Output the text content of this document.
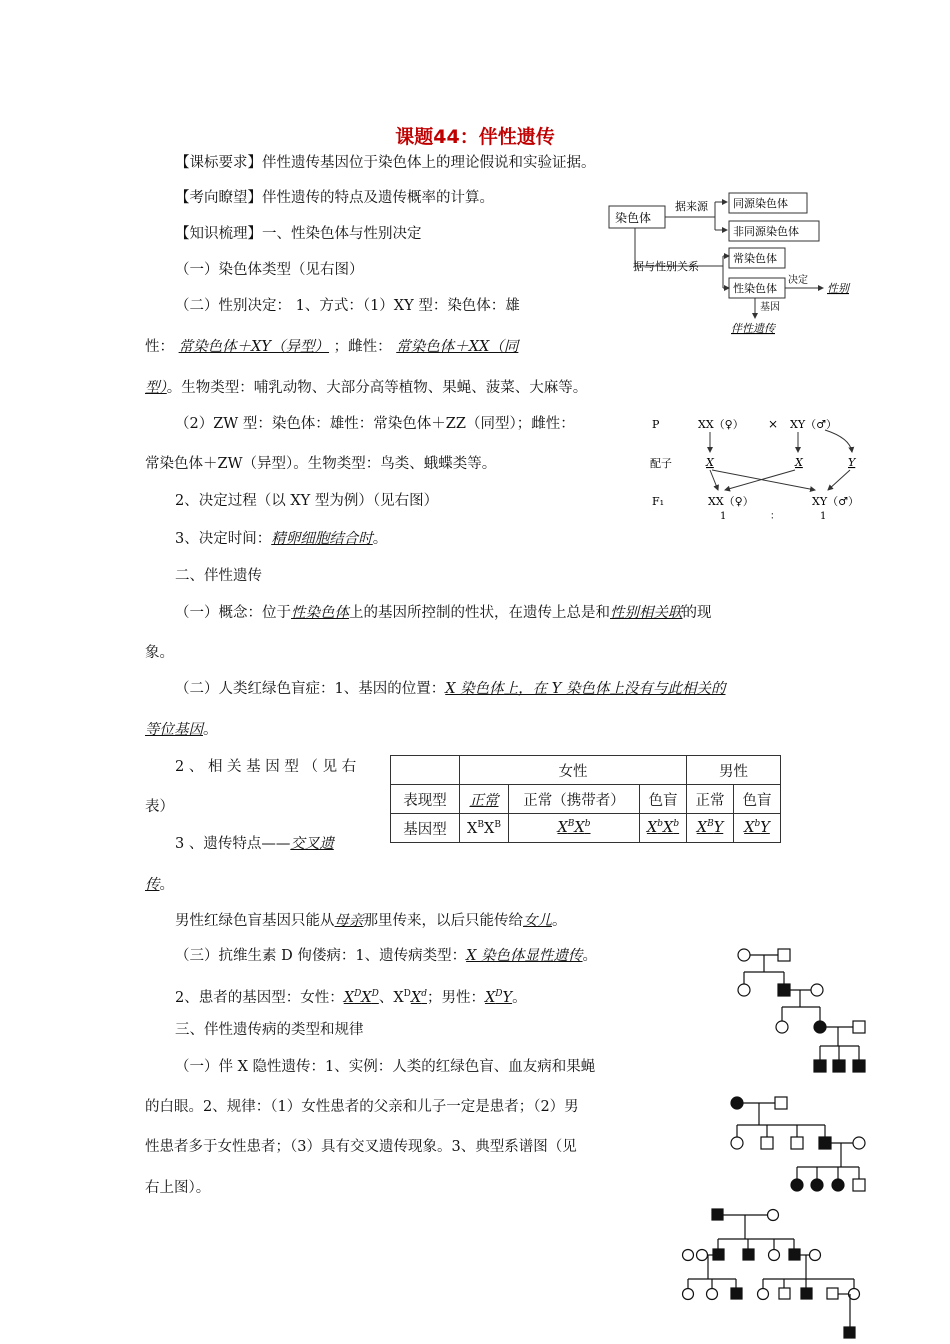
课题44：伴性遗传
【课标要求】伴性遗传基因位于染色体上的理论假说和实验证据。
【考向瞭望】伴性遗传的特点及遗传概率的计算。
【知识梳理】一、性染色体与性别决定
（一）染色体类型（见右图）
（二）性别决定： 1、方式：（1）XY 型：染色体：雄
性： 常染色体＋XY（异型） ；雌性： 常染色体＋XX（同
型）。生物类型：哺乳动物、大部分高等植物、果蝇、菠菜、大麻等。
（2）ZW 型：染色体：雄性：常染色体＋ZZ（同型）；雌性：
常染色体＋ZW（异型）。生物类型：鸟类、蛾蝶类等。
2、决定过程（以 XY 型为例）（见右图）
3、决定时间：精卵细胞结合时。
二、伴性遗传
（一）概念：位于性染色体上的基因所控制的性状，在遗传上总是和性别相关联的现
象。
（二）人类红绿色盲症：1、基因的位置：X 染色体上，在 Y 染色体上没有与此相关的
等位基因。
2 、 相 关 基 因 型 （ 见 右
表）
3 、遗传特点——交叉遗
传。
男性红绿色盲基因只能从母亲那里传来，以后只能传给女儿。
（三）抗维生素 D 佝偻病：1、遗传病类型：X 染色体显性遗传。
2、患者的基因型：女性：$X^DX^D$、$X^DX^d$；男性：$X^DY$。
三、伴性遗传病的类型和规律
（一）伴 X 隐性遗传：1、实例：人类的红绿色盲、血友病和果蝇
的白眼。2、规律：（1）女性患者的父亲和儿子一定是患者；（2）男
性患者多于女性患者；（3）具有交叉遗传现象。3、典型系谱图（见
右上图）。
	女性			男性	
表现型	正常	正常（携带者）	色盲	正常	色盲
基因型	$X^BX^B$	$X^BX^b$	$X^bX^b$	$X^BY$	$X^bY$
染色体
据来源
据与性别关系
同源染色体
非同源染色体
常染色体
性染色体
决定
性别
基因
伴性遗传
P
配子
F₁
XX（♀） × XY（♂）
X	X	Y
XX（♀）	XY（♂）
1	：	1
